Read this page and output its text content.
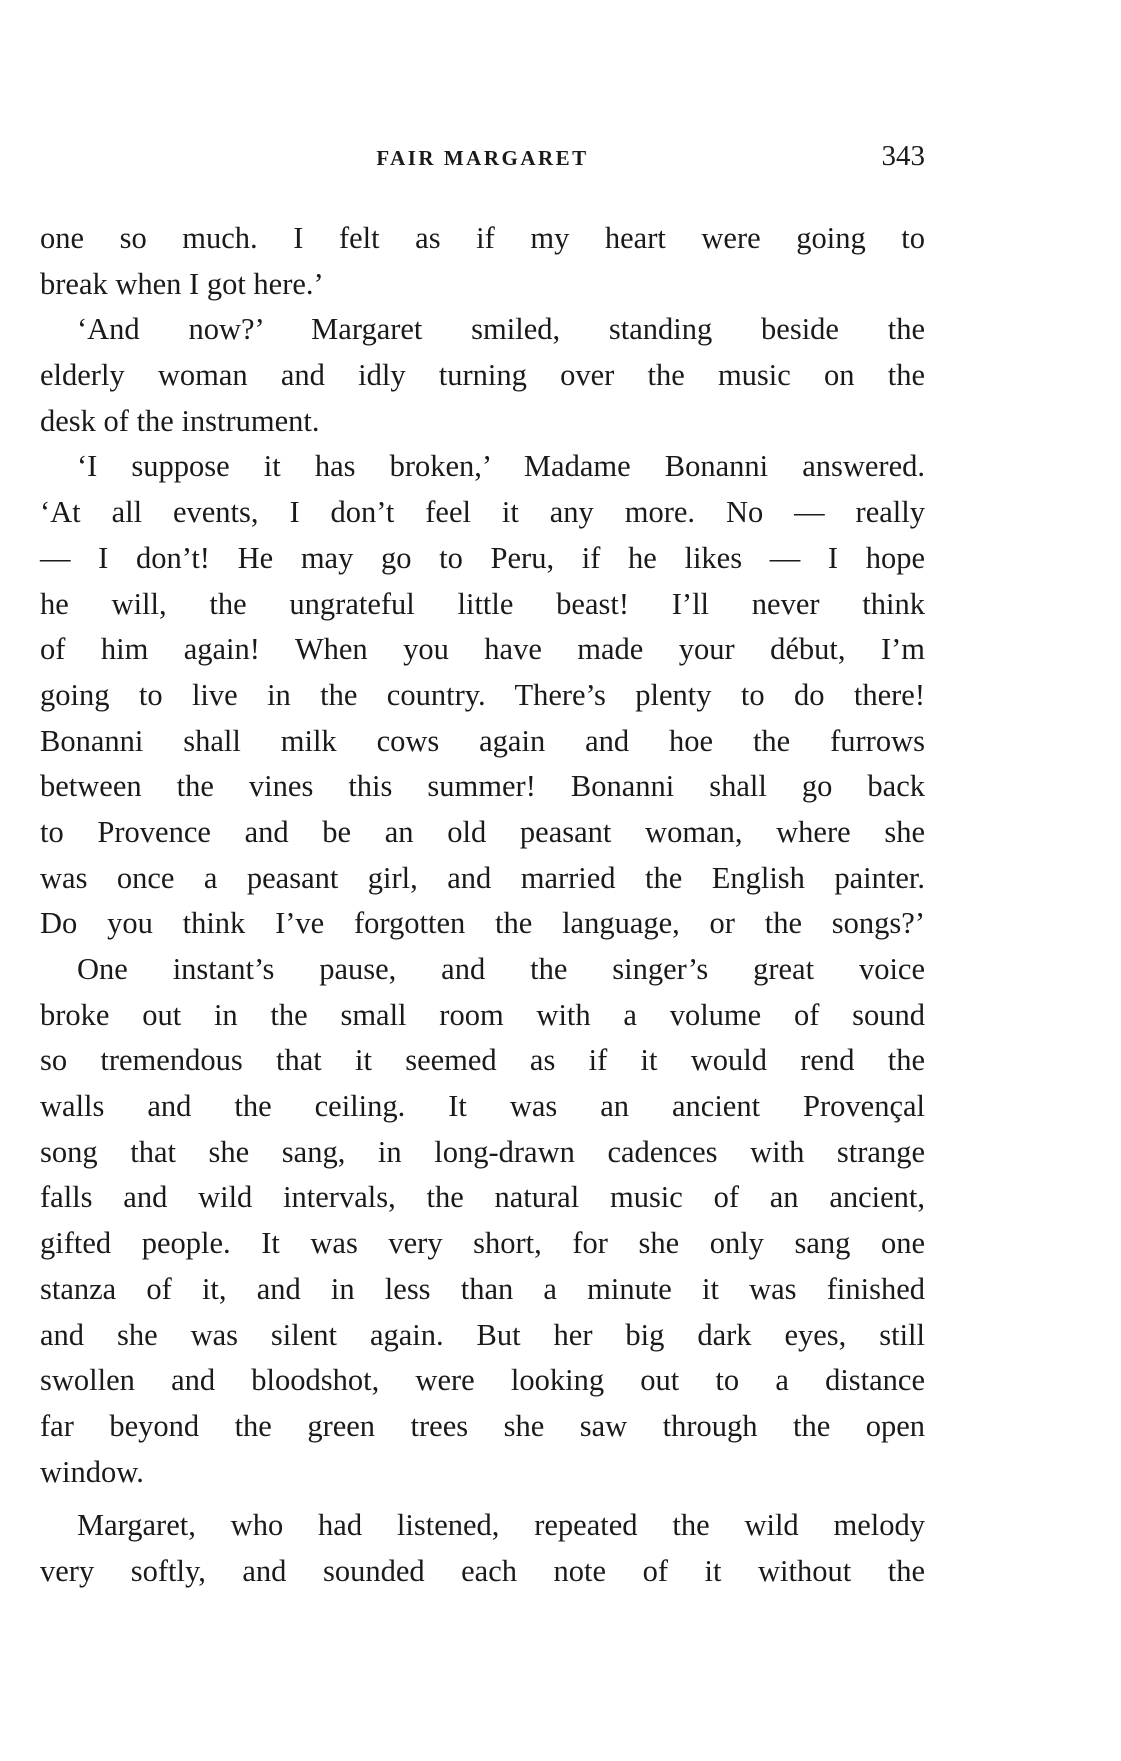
FAIR MARGARET	343
one so much. I felt as if my heart were going to
break when I got here.’
‘And now?’ Margaret smiled, standing beside the
elderly woman and idly turning over the music on the
desk of the instrument.
‘I suppose it has broken,’ Madame Bonanni answered.
‘At all events, I don’t feel it any more. No — really
— I don’t! He may go to Peru, if he likes — I hope
he will, the ungrateful little beast! I’ll never think
of him again! When you have made your début, I’m
going to live in the country. There’s plenty to do there!
Bonanni shall milk cows again and hoe the furrows
between the vines this summer! Bonanni shall go back
to Provence and be an old peasant woman, where she
was once a peasant girl, and married the English painter.
Do you think I’ve forgotten the language, or the songs?’
One instant’s pause, and the singer’s great voice
broke out in the small room with a volume of sound
so tremendous that it seemed as if it would rend the
walls and the ceiling. It was an ancient Provençal
song that she sang, in long-drawn cadences with strange
falls and wild intervals, the natural music of an ancient,
gifted people. It was very short, for she only sang one
stanza of it, and in less than a minute it was finished
and she was silent again. But her big dark eyes, still
swollen and bloodshot, were looking out to a distance
far beyond the green trees she saw through the open
window.
Margaret, who had listened, repeated the wild melody
very softly, and sounded each note of it without the
